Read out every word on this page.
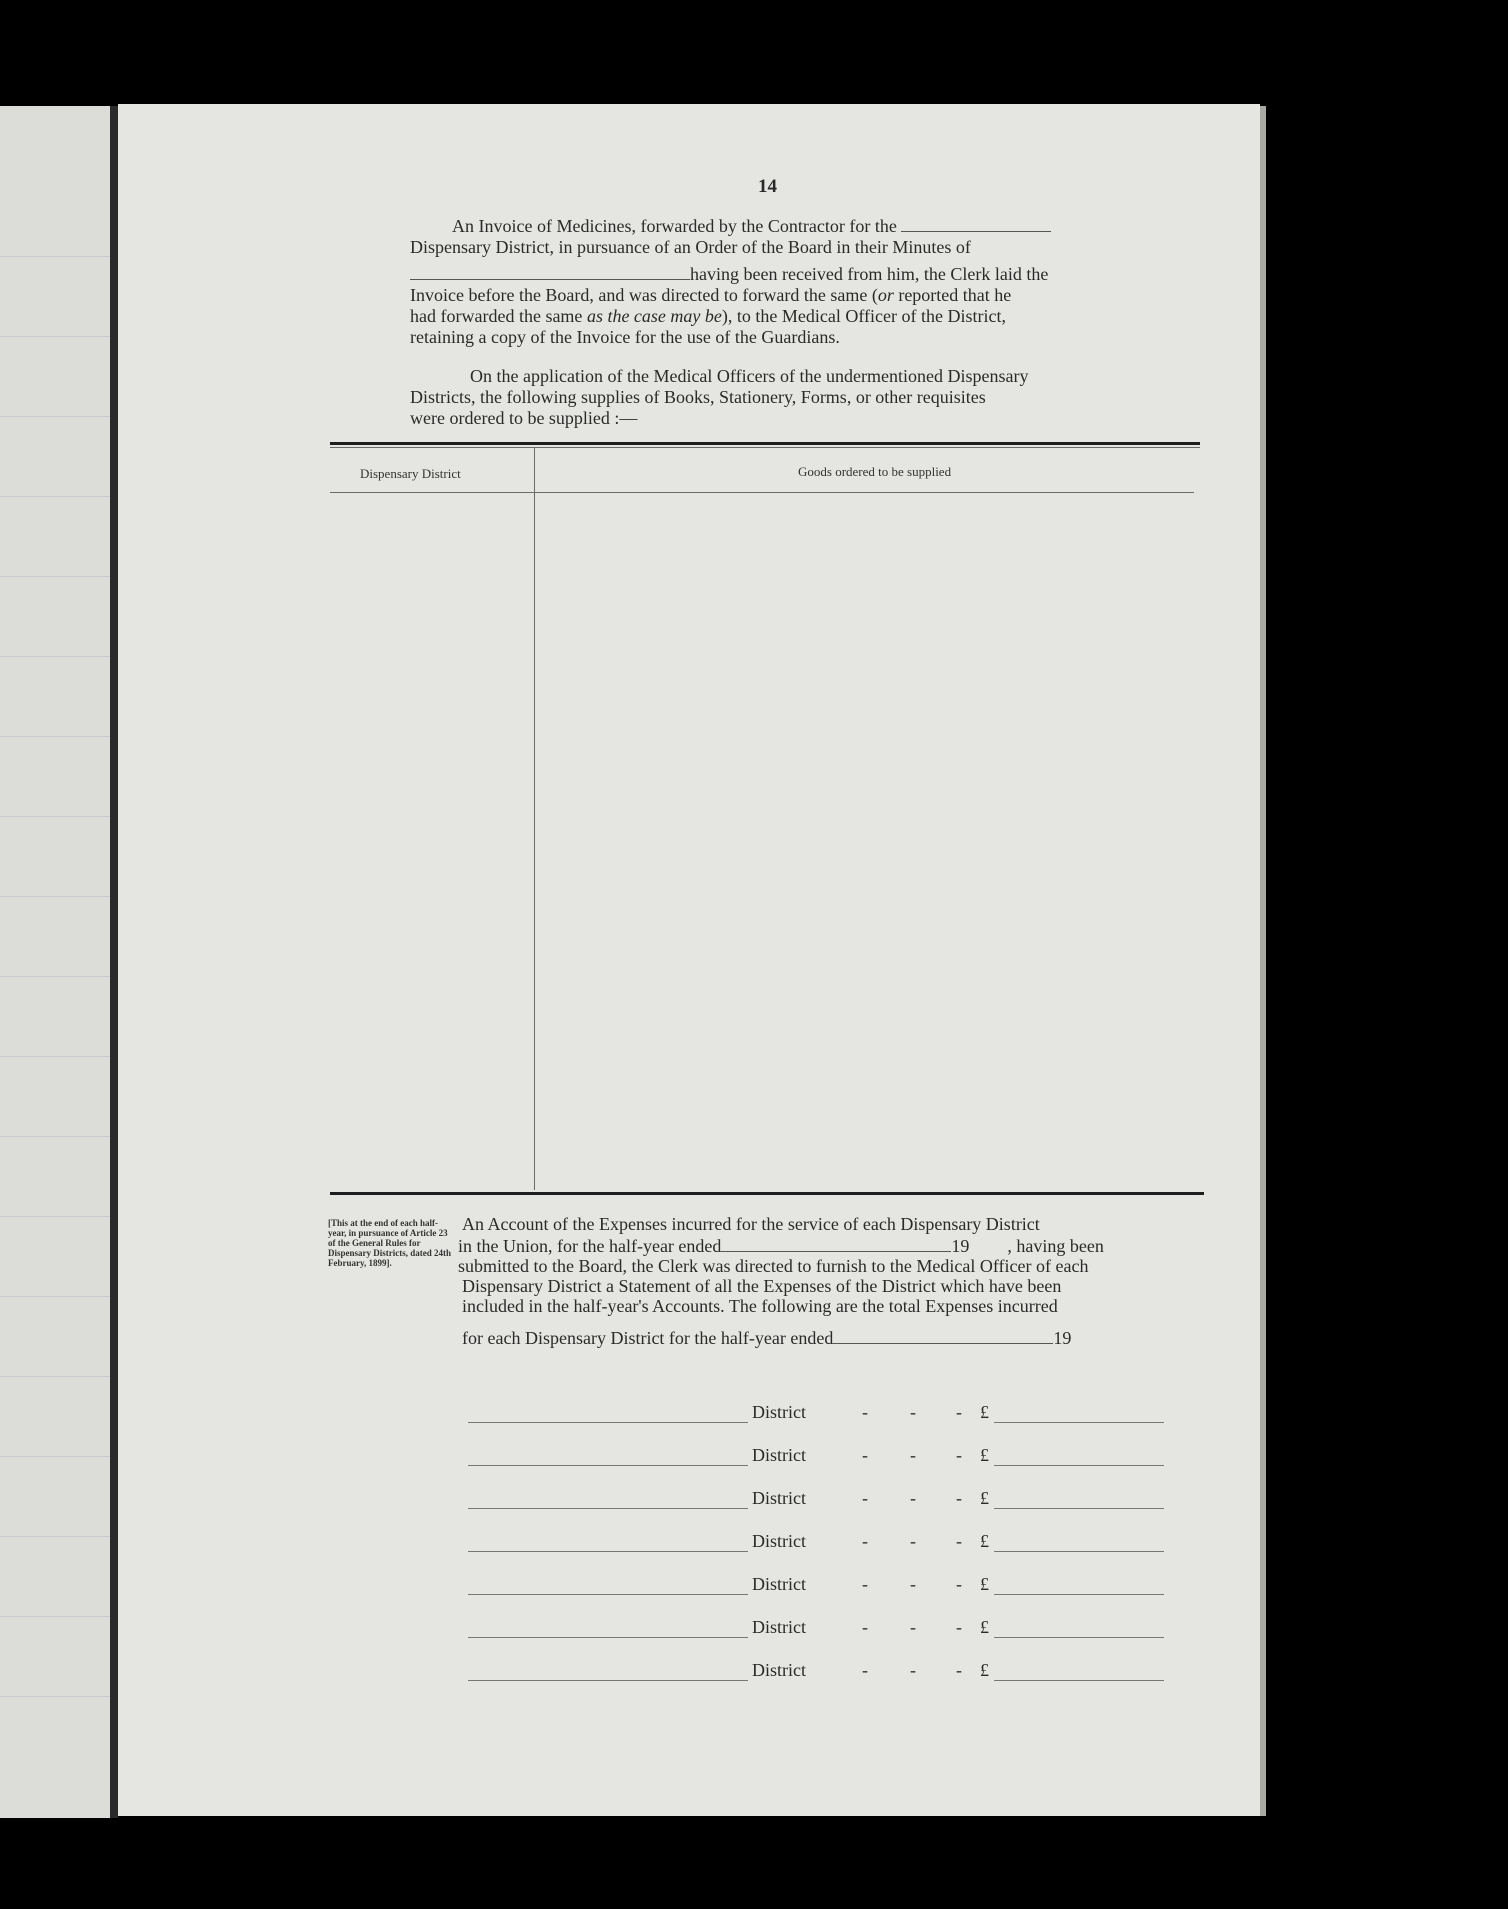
14
An Invoice of Medicines, forwarded by the Contractor for the
Dispensary District, in pursuance of an Order of the Board in their Minutes of
having been received from him, the Clerk laid the
Invoice before the Board, and was directed to forward the same (or reported that he
had forwarded the same as the case may be), to the Medical Officer of the District,
retaining a copy of the Invoice for the use of the Guardians.
On the application of the Medical Officers of the undermentioned Dispensary
Districts, the following supplies of Books, Stationery, Forms, or other requisites
were ordered to be supplied :—
Dispensary District	Goods ordered to be supplied
[This at the end of each half-year, in pursuance of Article 23 of the General Rules for Dispensary Districts, dated 24th February, 1899].
An Account of the Expenses incurred for the service of each Dispensary District
in the Union, for the half-year ended	19 , having been
submitted to the Board, the Clerk was directed to furnish to the Medical Officer of each
Dispensary District a Statement of all the Expenses of the District which have been
included in the half-year's Accounts. The following are the total Expenses incurred
for each Dispensary District for the half-year ended	19
District	- - - £
District	- - - £
District	- - - £
District	- - - £
District	- - - £
District	- - - £
District	- - - £
